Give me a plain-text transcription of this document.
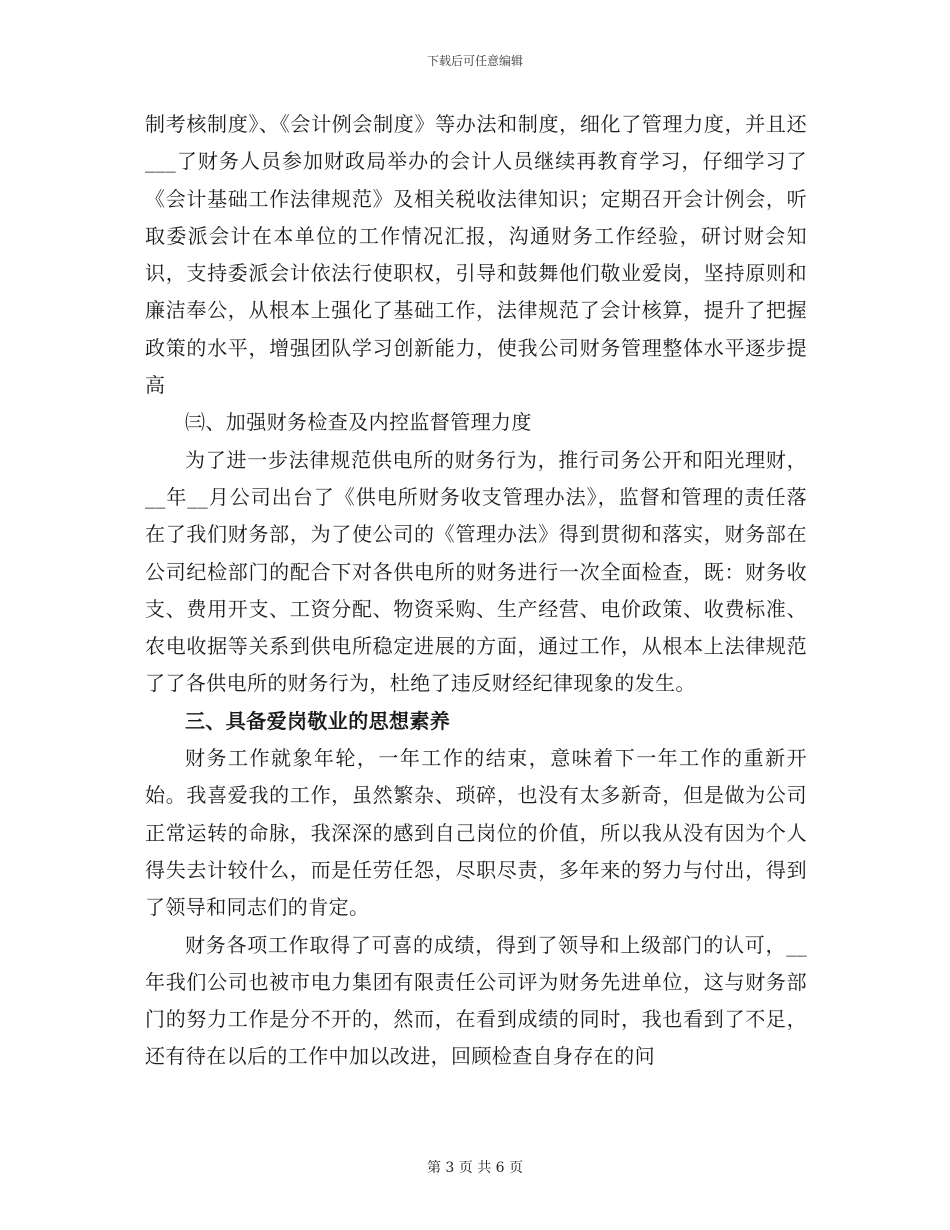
下载后可任意编辑

制考核制度》、《会计例会制度》等办法和制度，细化了管理力度，并且还___了财务人员参加财政局举办的会计人员继续再教育学习，仔细学习了《会计基础工作法律规范》及相关税收法律知识；定期召开会计例会，听取委派会计在本单位的工作情况汇报，沟通财务工作经验，研讨财会知识，支持委派会计依法行使职权，引导和鼓舞他们敬业爱岗，坚持原则和廉洁奉公，从根本上强化了基础工作，法律规范了会计核算，提升了把握政策的水平，增强团队学习创新能力，使我公司财务管理整体水平逐步提高

㈢、加强财务检查及内控监督管理力度

为了进一步法律规范供电所的财务行为，推行司务公开和阳光理财，__年__月公司出台了《供电所财务收支管理办法》，监督和管理的责任落在了我们财务部，为了使公司的《管理办法》得到贯彻和落实，财务部在公司纪检部门的配合下对各供电所的财务进行一次全面检查，既：财务收支、费用开支、工资分配、物资采购、生产经营、电价政策、收费标准、农电收据等关系到供电所稳定进展的方面，通过工作，从根本上法律规范了了各供电所的财务行为，杜绝了违反财经纪律现象的发生。

三、具备爱岗敬业的思想素养

财务工作就象年轮，一年工作的结束，意味着下一年工作的重新开始。我喜爱我的工作，虽然繁杂、琐碎，也没有太多新奇，但是做为公司正常运转的命脉，我深深的感到自己岗位的价值，所以我从没有因为个人得失去计较什么，而是任劳任怨，尽职尽责，多年来的努力与付出，得到了领导和同志们的肯定。

财务各项工作取得了可喜的成绩，得到了领导和上级部门的认可，__年我们公司也被市电力集团有限责任公司评为财务先进单位，这与财务部门的努力工作是分不开的，然而，在看到成绩的同时，我也看到了不足，还有待在以后的工作中加以改进，回顾检查自身存在的问

第 3 页 共 6 页
